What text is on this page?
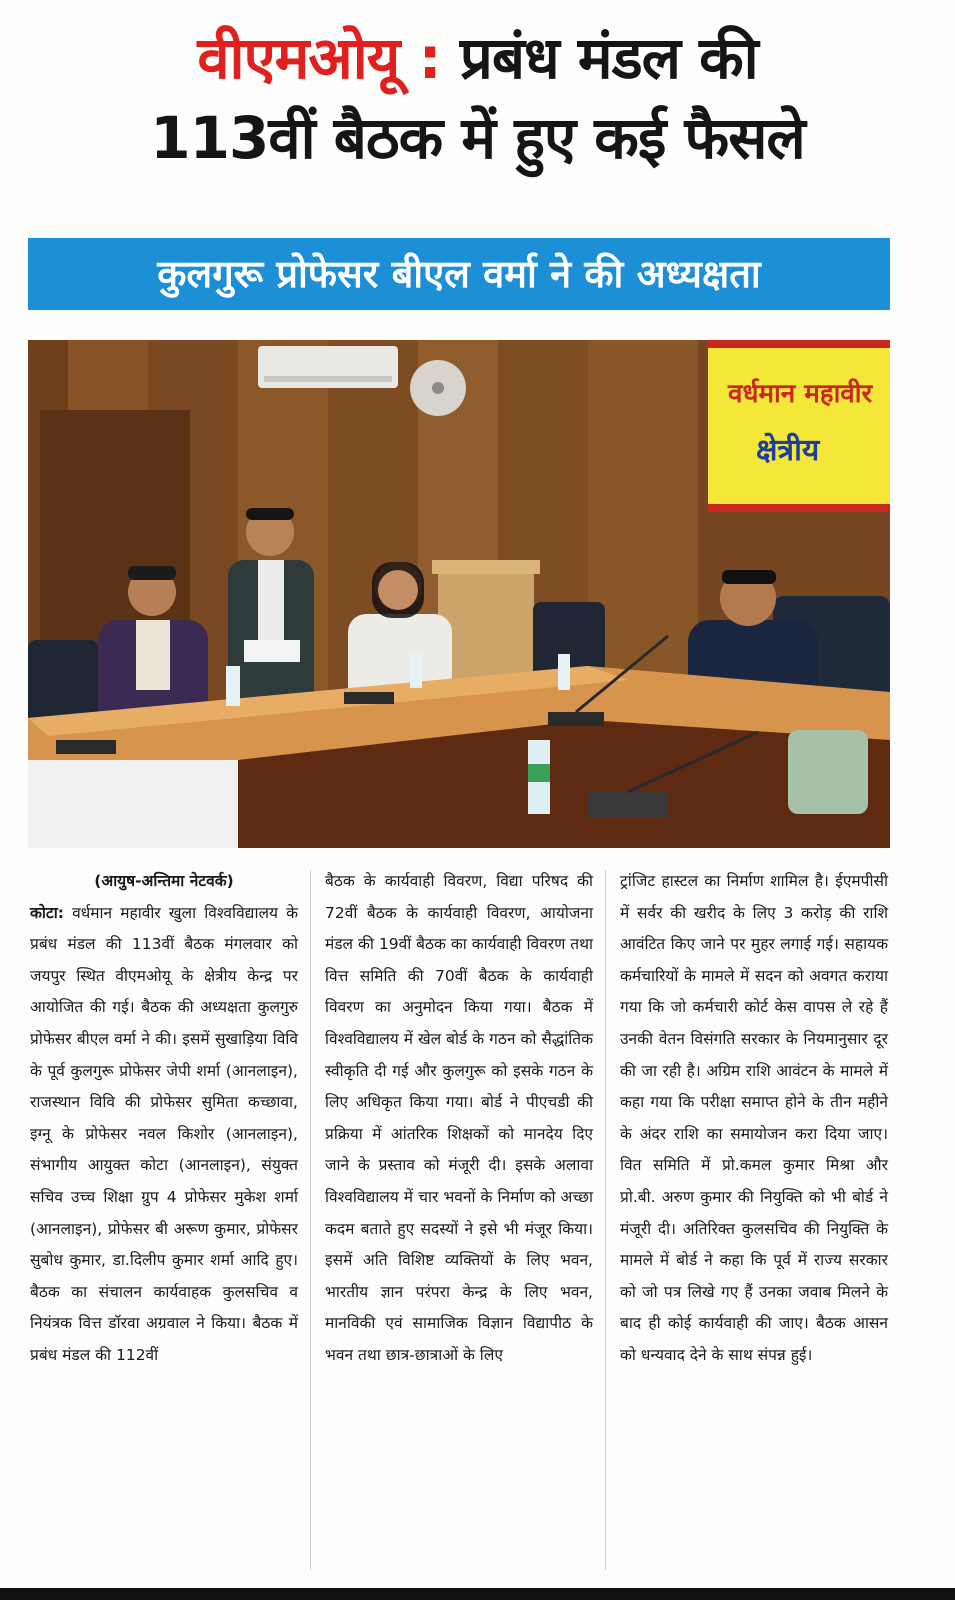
वीएमओयू : प्रबंध मंडल की
113वीं बैठक में हुए कई फैसले
कुलगुरू प्रोफेसर बीएल वर्मा ने की अध्यक्षता
वर्धमान महावीर
क्षेत्रीय
(आयुष-अन्तिमा नेटवर्क)
कोटा: वर्धमान महावीर खुला विश्वविद्यालय के प्रबंध मंडल की 113वीं बैठक मंगलवार को जयपुर स्थित वीएमओयू के क्षेत्रीय केन्द्र पर आयोजित की गई। बैठक की अध्यक्षता कुलगुरु प्रोफेसर बीएल वर्मा ने की। इसमें सुखाड़िया विवि के पूर्व कुलगुरू प्रोफेसर जेपी शर्मा (आनलाइन), राजस्थान विवि की प्रोफेसर सुमिता कच्छावा, इग्नू के प्रोफेसर नवल किशोर (आनलाइन), संभागीय आयुक्त कोटा (आनलाइन), संयुक्त सचिव उच्च शिक्षा ग्रुप 4 प्रोफेसर मुकेश शर्मा (आनलाइन), प्रोफेसर बी अरूण कुमार, प्रोफेसर सुबोध कुमार, डा.दिलीप कुमार शर्मा आदि हुए। बैठक का संचालन कार्यवाहक कुलसचिव व नियंत्रक वित्त डॉरवा अग्रवाल ने किया। बैठक में प्रबंध मंडल की 112वीं
बैठक के कार्यवाही विवरण, विद्या परिषद की 72वीं बैठक के कार्यवाही विवरण, आयोजना मंडल की 19वीं बैठक का कार्यवाही विवरण तथा वित्त समिति की 70वीं बैठक के कार्यवाही विवरण का अनुमोदन किया गया। बैठक में विश्वविद्यालय में खेल बोर्ड के गठन को सैद्धांतिक स्वीकृति दी गई और कुलगुरू को इसके गठन के लिए अधिकृत किया गया। बोर्ड ने पीएचडी की प्रक्रिया में आंतरिक शिक्षकों को मानदेय दिए जाने के प्रस्ताव को मंजूरी दी। इसके अलावा विश्वविद्यालय में चार भवनों के निर्माण को अच्छा कदम बताते हुए सदस्यों ने इसे भी मंजूर किया। इसमें अति विशिष्ट व्यक्तियों के लिए भवन, भारतीय ज्ञान परंपरा केन्द्र के लिए भवन, मानविकी एवं सामाजिक विज्ञान विद्यापीठ के भवन तथा छात्र-छात्राओं के लिए
ट्रांजिट हास्टल का निर्माण शामिल है। ईएमपीसी में सर्वर की खरीद के लिए 3 करोड़ की राशि आवंटित किए जाने पर मुहर लगाई गई। सहायक कर्मचारियों के मामले में सदन को अवगत कराया गया कि जो कर्मचारी कोर्ट केस वापस ले रहे हैं उनकी वेतन विसंगति सरकार के नियमानुसार दूर की जा रही है। अग्रिम राशि आवंटन के मामले में कहा गया कि परीक्षा समाप्त होने के तीन महीने के अंदर राशि का समायोजन करा दिया जाए। वित समिति में प्रो.कमल कुमार मिश्रा और प्रो.बी. अरुण कुमार की नियुक्ति को भी बोर्ड ने मंजूरी दी। अतिरिक्त कुलसचिव की नियुक्ति के मामले में बोर्ड ने कहा कि पूर्व में राज्य सरकार को जो पत्र लिखे गए हैं उनका जवाब मिलने के बाद ही कोई कार्यवाही की जाए। बैठक आसन को धन्यवाद देने के साथ संपन्न हुई।
